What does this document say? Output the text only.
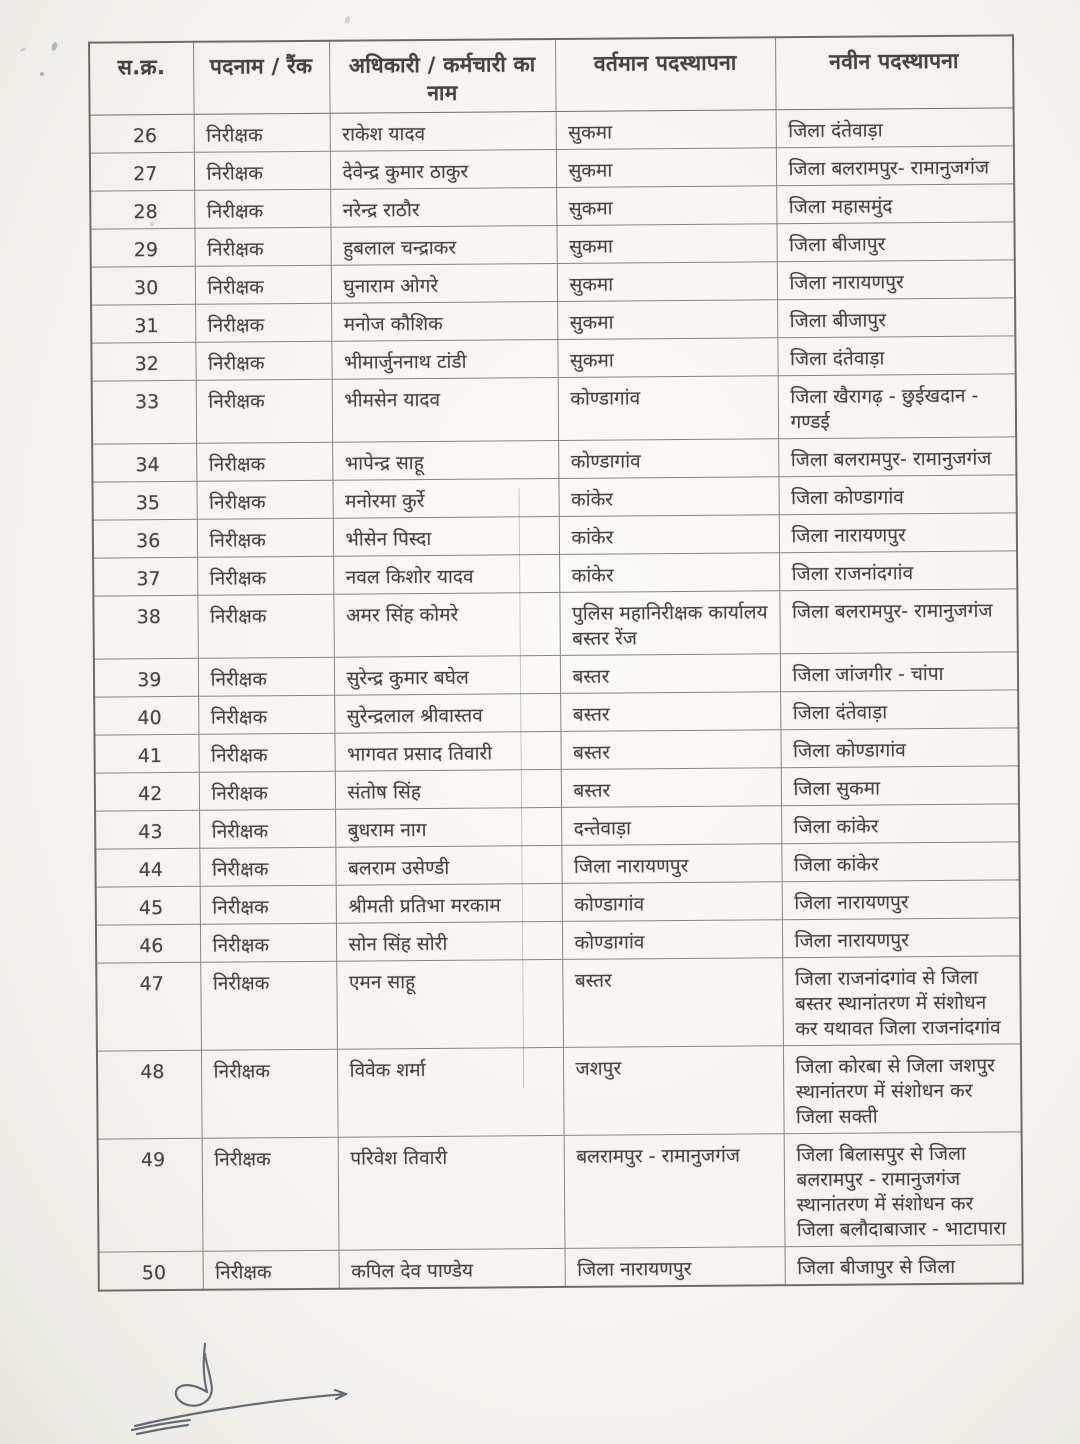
स.क्र.	पदनाम / रैंक	अधिकारी / कर्मचारी का नाम	वर्तमान पदस्थापना	नवीन पदस्थापना
26	निरीक्षक	राकेश यादव	सुकमा	जिला दंतेवाड़ा
27	निरीक्षक	देवेन्द्र कुमार ठाकुर	सुकमा	जिला बलरामपुर- रामानुजगंज
28	निरीक्षक	नरेन्द्र राठौर	सुकमा	जिला महासमुंद
29	निरीक्षक	हुबलाल चन्द्राकर	सुकमा	जिला बीजापुर
30	निरीक्षक	घुनाराम ओगरे	सुकमा	जिला नारायणपुर
31	निरीक्षक	मनोज कौशिक	सुकमा	जिला बीजापुर
32	निरीक्षक	भीमार्जुननाथ टांडी	सुकमा	जिला दंतेवाड़ा
33	निरीक्षक	भीमसेन यादव	कोण्डागांव	जिला खैरागढ़ - छुईखदान - गण्डई
34	निरीक्षक	भापेन्द्र साहू	कोण्डागांव	जिला बलरामपुर- रामानुजगंज
35	निरीक्षक	मनोरमा कुर्रे	कांकेर	जिला कोण्डागांव
36	निरीक्षक	भीसेन पिस्दा	कांकेर	जिला नारायणपुर
37	निरीक्षक	नवल किशोर यादव	कांकेर	जिला राजनांदगांव
38	निरीक्षक	अमर सिंह कोमरे	पुलिस महानिरीक्षक कार्यालय बस्तर रेंज	जिला बलरामपुर- रामानुजगंज
39	निरीक्षक	सुरेन्द्र कुमार बघेल	बस्तर	जिला जांजगीर - चांपा
40	निरीक्षक	सुरेन्द्रलाल श्रीवास्तव	बस्तर	जिला दंतेवाड़ा
41	निरीक्षक	भागवत प्रसाद तिवारी	बस्तर	जिला कोण्डागांव
42	निरीक्षक	संतोष सिंह	बस्तर	जिला सुकमा
43	निरीक्षक	बुधराम नाग	दन्तेवाड़ा	जिला कांकेर
44	निरीक्षक	बलराम उसेण्डी	जिला नारायणपुर	जिला कांकेर
45	निरीक्षक	श्रीमती प्रतिभा मरकाम	कोण्डागांव	जिला नारायणपुर
46	निरीक्षक	सोन सिंह सोरी	कोण्डागांव	जिला नारायणपुर
47	निरीक्षक	एमन साहू	बस्तर	जिला राजनांदगांव से जिला बस्तर स्थानांतरण में संशोधन कर यथावत जिला राजनांदगांव
48	निरीक्षक	विवेक शर्मा	जशपुर	जिला कोरबा से जिला जशपुर स्थानांतरण में संशोधन कर जिला सक्ती
49	निरीक्षक	परिवेश तिवारी	बलरामपुर - रामानुजगंज	जिला बिलासपुर से जिला बलरामपुर - रामानुजगंज स्थानांतरण में संशोधन कर जिला बलौदाबाजार - भाटापारा
50	निरीक्षक	कपिल देव पाण्डेय	जिला नारायणपुर	जिला बीजापुर से जिला
